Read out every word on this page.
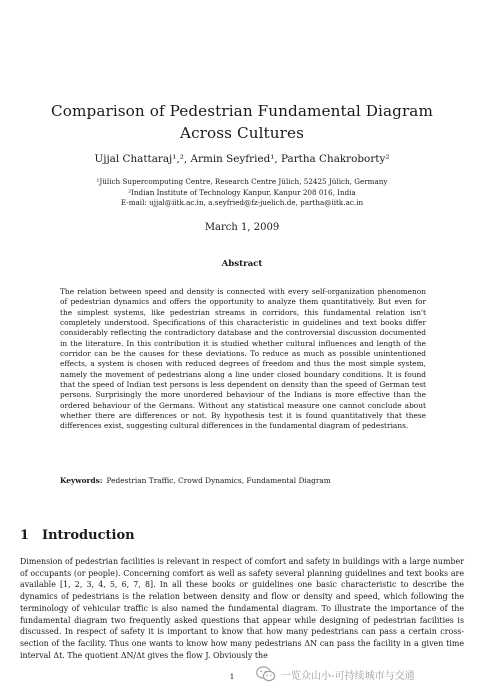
Comparison of Pedestrian Fundamental Diagram Across Cultures
Ujjal Chattaraj¹,², Armin Seyfried¹, Partha Chakroborty²
¹Jülich Supercomputing Centre, Research Centre Jülich, 52425 Jülich, Germany
²Indian Institute of Technology Kanpur, Kanpur 208 016, India
E-mail: ujjal@iitk.ac.in, a.seyfried@fz-juelich.de, partha@iitk.ac.in
March 1, 2009
Abstract
The relation between speed and density is connected with every self-organization phenomenon of pedestrian dynamics and offers the opportunity to analyze them quantitatively. But even for the simplest systems, like pedestrian streams in corridors, this fundamental relation isn't completely understood. Specifications of this characteristic in guidelines and text books differ considerably reflecting the contradictory database and the controversial discussion documented in the literature. In this contribution it is studied whether cultural influences and length of the corridor can be the causes for these deviations. To reduce as much as possible unintentioned effects, a system is chosen with reduced degrees of freedom and thus the most simple system, namely the movement of pedestrians along a line under closed boundary conditions. It is found that the speed of Indian test persons is less dependent on density than the speed of German test persons. Surprisingly the more unordered behaviour of the Indians is more effective than the ordered behaviour of the Germans. Without any statistical measure one cannot conclude about whether there are differences or not. By hypothesis test it is found quantitatively that these differences exist, suggesting cultural differences in the fundamental diagram of pedestrians.
Keywords: Pedestrian Traffic, Crowd Dynamics, Fundamental Diagram
1 Introduction
Dimension of pedestrian facilities is relevant in respect of comfort and safety in buildings with a large number of occupants (or people). Concerning comfort as well as safety several planning guidelines and text books are available [1, 2, 3, 4, 5, 6, 7, 8]. In all these books or guidelines one basic characteristic to describe the dynamics of pedestrians is the relation between density and flow or density and speed, which following the terminology of vehicular traffic is also named the fundamental diagram. To illustrate the importance of the fundamental diagram two frequently asked questions that appear while designing of pedestrian facilities is discussed. In respect of safety it is important to know that how many pedestrians can pass a certain cross-section of the facility. Thus one wants to know how many pedestrians ΔN can pass the facility in a given time interval Δt. The quotient ΔN/Δt gives the flow J. Obviously the
1	一览众山小-可持续城市与交通
